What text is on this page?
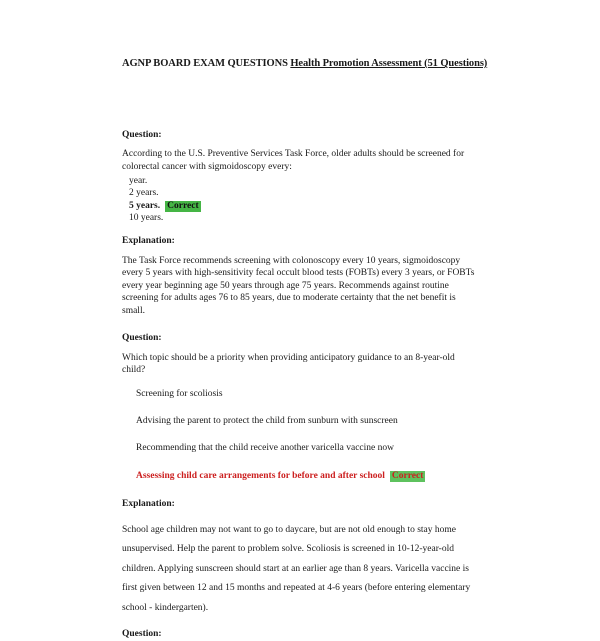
AGNP BOARD EXAM QUESTIONS Health Promotion Assessment (51 Questions)

Question:

According to the U.S. Preventive Services Task Force, older adults should be screened for colorectal cancer with sigmoidoscopy every:

year.
2 years.
5 years. Correct
10 years.

Explanation:

The Task Force recommends screening with colonoscopy every 10 years, sigmoidoscopy every 5 years with high-sensitivity fecal occult blood tests (FOBTs) every 3 years, or FOBTs every year beginning age 50 years through age 75 years. Recommends against routine screening for adults ages 76 to 85 years, due to moderate certainty that the net benefit is small.

Question:

Which topic should be a priority when providing anticipatory guidance to an 8-year-old child?

Screening for scoliosis
Advising the parent to protect the child from sunburn with sunscreen
Recommending that the child receive another varicella vaccine now
Assessing child care arrangements for before and after school Correct

Explanation:

School age children may not want to go to daycare, but are not old enough to stay home unsupervised. Help the parent to problem solve. Scoliosis is screened in 10-12-year-old children. Applying sunscreen should start at an earlier age than 8 years. Varicella vaccine is first given between 12 and 15 months and repeated at 4-6 years (before entering elementary school - kindergarten).

Question:
